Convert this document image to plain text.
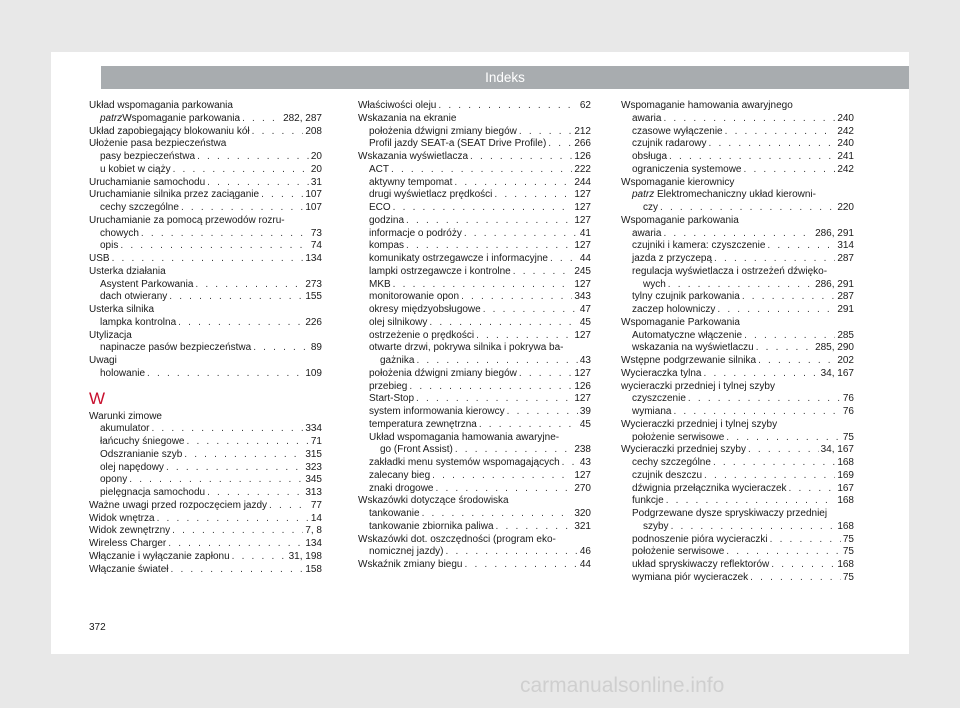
Indeks
Układ wspomagania parkowania
patrz Wspomaganie parkowania . . .	282, 287
Układ zapobiegający blokowaniu kół . . .	208
Ułożenie pasa bezpieczeństwa
pasy bezpieczeństwa . . .	20
u kobiet w ciąży . . .	20
Uruchamianie samochodu . . .	31
Uruchamianie silnika przez zaciąganie . . .	107
cechy szczególne . . .	107
Uruchamianie za pomocą przewodów rozru-
chowych . . .	73
opis . . .	74
USB . . .	134
Usterka działania
Asystent Parkowania . . .	273
dach otwierany . . .	155
Usterka silnika
lampka kontrolna . . .	226
Utylizacja
napinacze pasów bezpieczeństwa . . .	89
Uwagi
holowanie . . .	109
W
Warunki zimowe
akumulator . . .	334
łańcuchy śniegowe . . .	71
Odszranianie szyb . . .	315
olej napędowy . . .	323
opony . . .	345
pielęgnacja samochodu . . .	313
Ważne uwagi przed rozpoczęciem jazdy . . .	77
Widok wnętrza . . .	14
Widok zewnętrzny . . .	7, 8
Wireless Charger . . .	134
Włączanie i wyłączanie zapłonu . . .	31, 198
Włączanie świateł . . .	158
Właściwości oleju . . .	62
Wskazania na ekranie
położenia dźwigni zmiany biegów . . .	212
Profil jazdy SEAT-a (SEAT Drive Profile) . . .	266
Wskazania wyświetlacza . . .	126
ACT . . .	222
aktywny tempomat . . .	244
drugi wyświetlacz prędkości . . .	127
ECO . . .	127
godzina . . .	127
informacje o podróży . . .	41
kompas . . .	127
komunikaty ostrzegawcze i informacyjne . . .	44
lampki ostrzegawcze i kontrolne . . .	245
MKB . . .	127
monitorowanie opon . . .	343
okresy międzyobsługowe . . .	47
olej silnikowy . . .	45
ostrzeżenie o prędkości . . .	127
otwarte drzwi, pokrywa silnika i pokrywa ba-
gażnika . . .	43
położenia dźwigni zmiany biegów . . .	127
przebieg . . .	126
Start-Stop . . .	127
system informowania kierowcy . . .	39
temperatura zewnętrzna . . .	45
Układ wspomagania hamowania awaryjne-
go (Front Assist) . . .	238
zakładki menu systemów wspomagających . . . 43
zalecany bieg . . .	127
znaki drogowe . . .	270
Wskazówki dotyczące środowiska
tankowanie . . .	320
tankowanie zbiornika paliwa . . .	321
Wskazówki dot. oszczędności (program eko-
nomicznej jazdy) . . .	46
Wskaźnik zmiany biegu . . .	44
Wspomaganie hamowania awaryjnego
awaria . . .	240
czasowe wyłączenie . . .	242
czujnik radarowy . . .	240
obsługa . . .	241
ograniczenia systemowe . . .	242
Wspomaganie kierownicy
patrz Elektromechaniczny układ kierowni-
czy . . .	220
Wspomaganie parkowania
awaria . . .	286, 291
czujniki i kamera: czyszczenie . . .	314
jazda z przyczepą . . .	287
regulacja wyświetlacza i ostrzeżeń dźwięko-
wych . . .	286, 291
tylny czujnik parkowania . . .	287
zaczep holowniczy . . .	291
Wspomaganie Parkowania
Automatyczne włączenie . . .	285
wskazania na wyświetlaczu . . .	285, 290
Wstępne podgrzewanie silnika . . .	202
Wycieraczka tylna . . .	34, 167
wycieraczki przedniej i tylnej szyby
czyszczenie . . .	76
wymiana . . .	76
Wycieraczki przedniej i tylnej szyby
położenie serwisowe . . .	75
Wycieraczki przedniej szyby . . .	34, 167
cechy szczególne . . .	168
czujnik deszczu . . .	169
dźwignia przełącznika wycieraczek . . .	167
funkcje . . .	168
Podgrzewane dysze spryskiwaczy przedniej
szyby . . .	168
podnoszenie pióra wycieraczki . . .	75
położenie serwisowe . . .	75
układ spryskiwaczy reflektorów . . .	168
wymiana piór wycieraczek . . .	75
372
carmanualsonline.info
